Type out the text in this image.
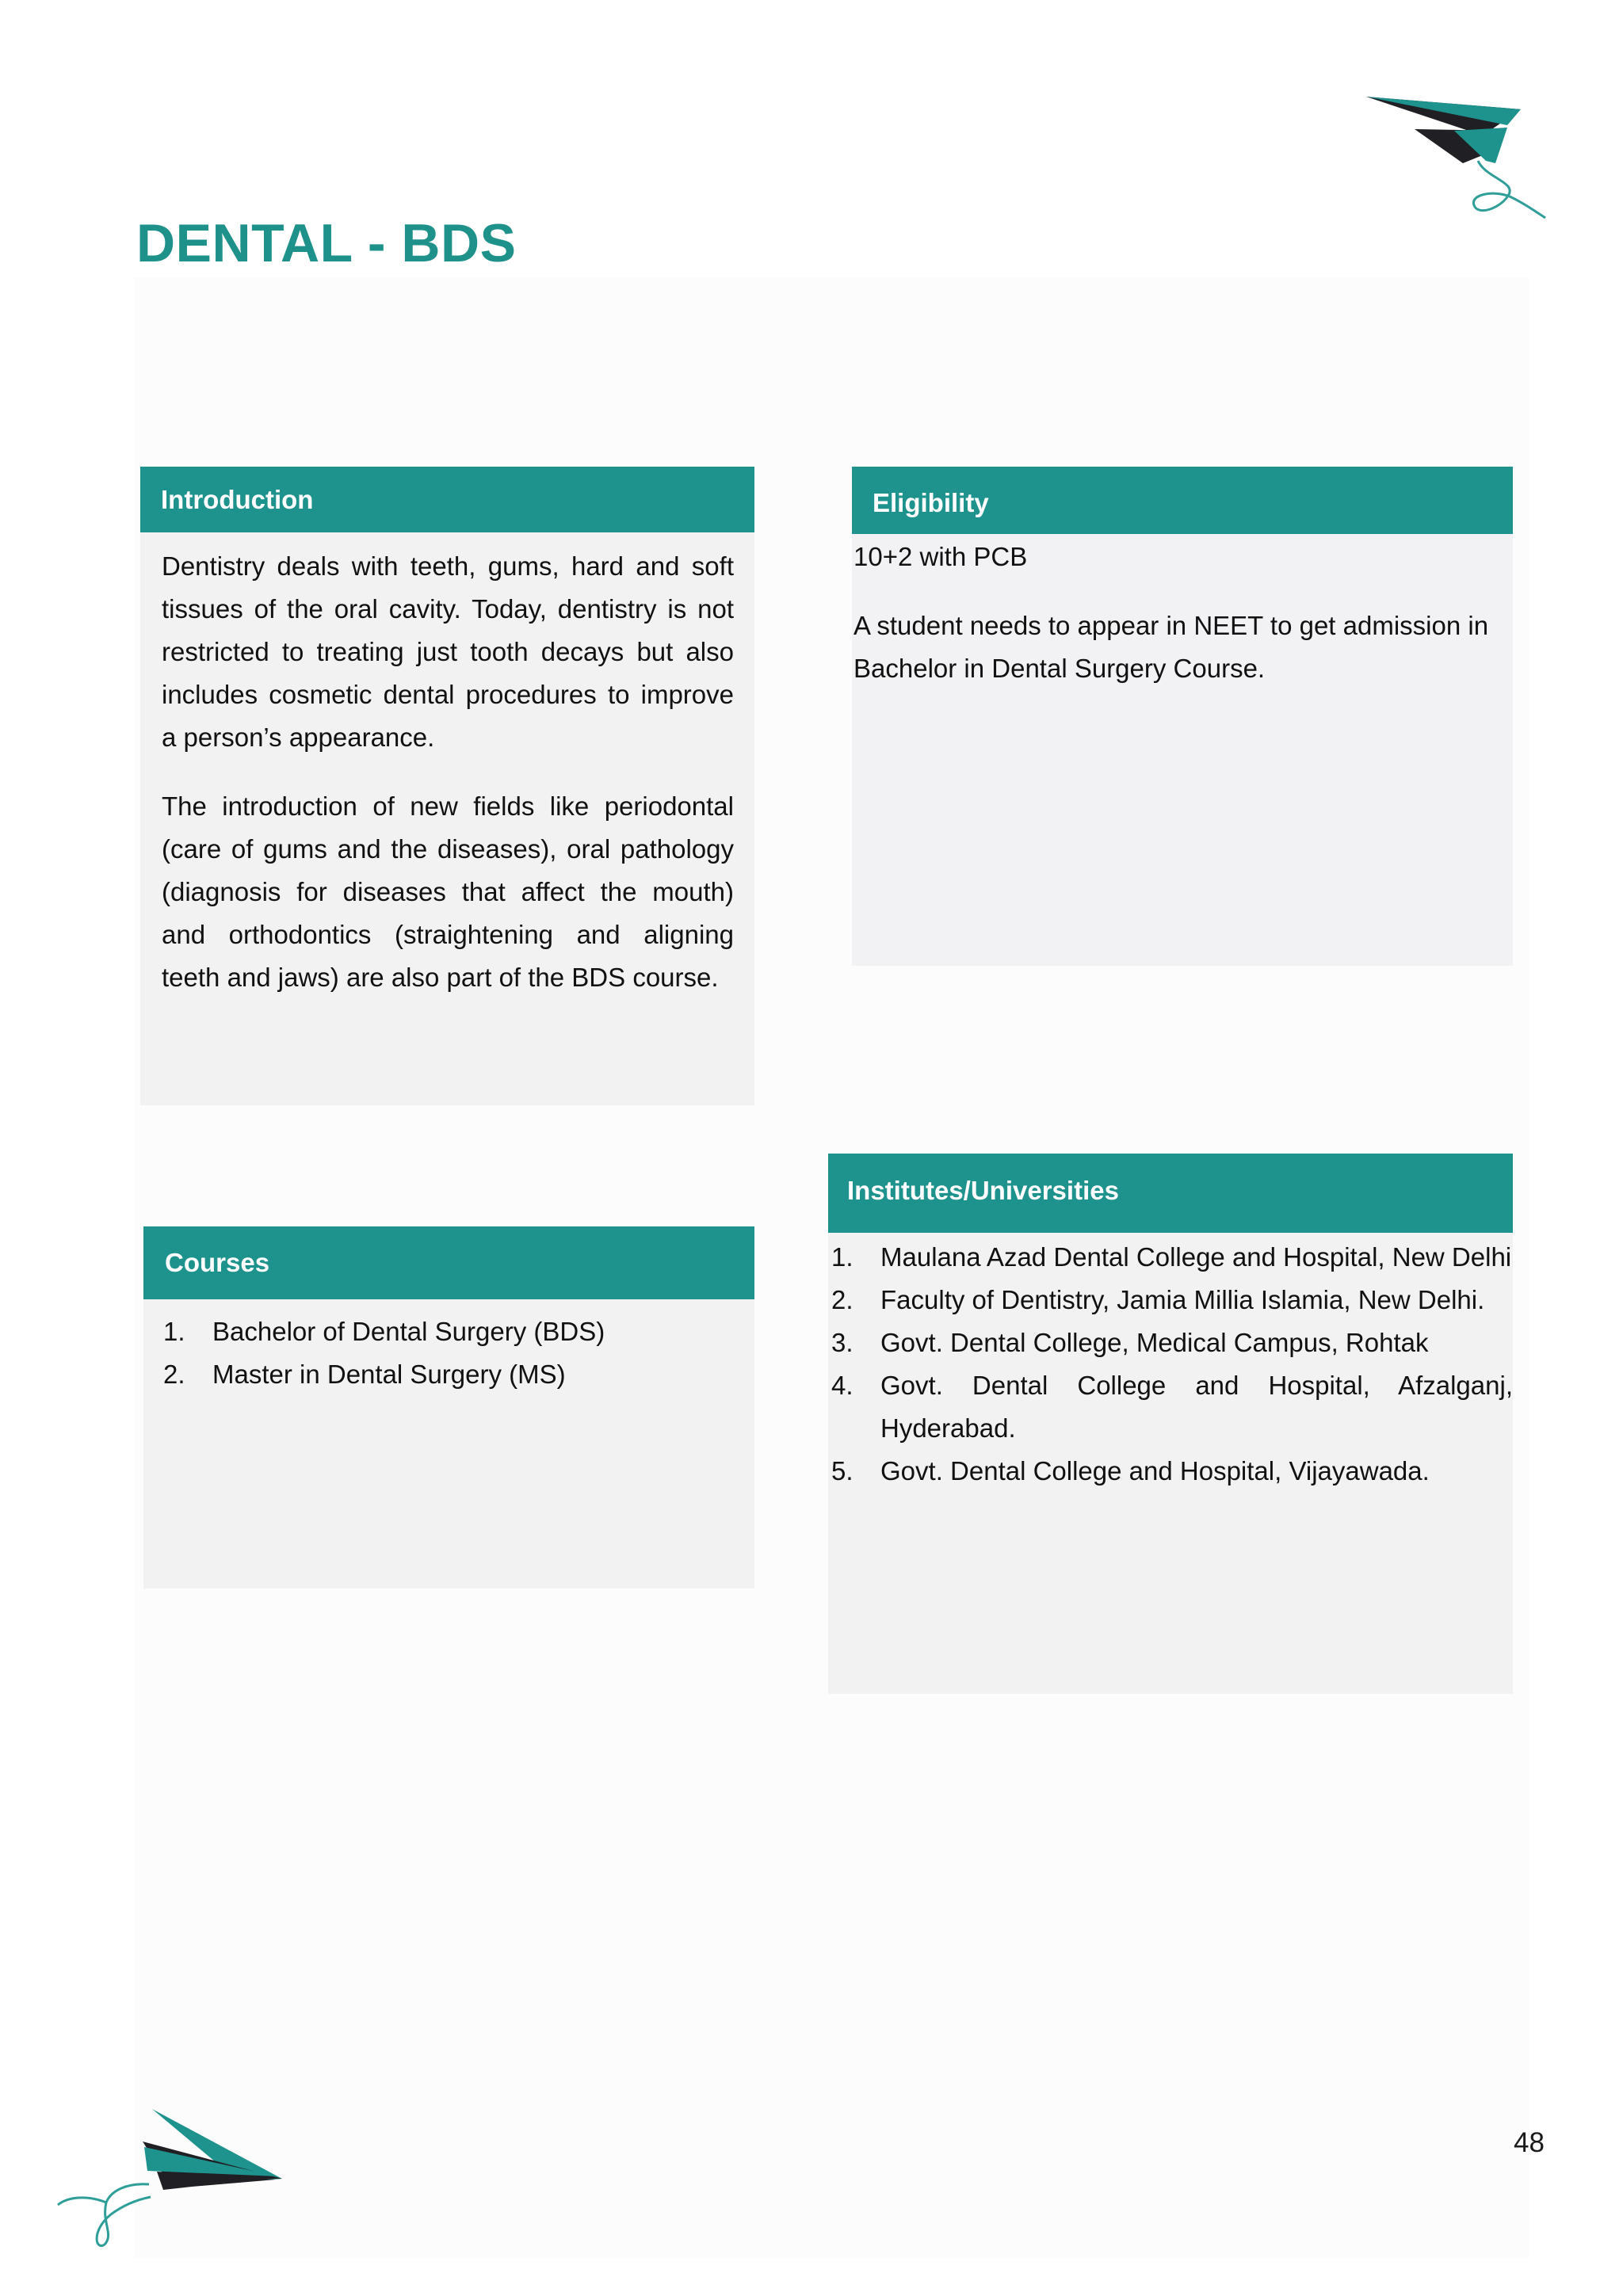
DENTAL - BDS
Introduction

Dentistry deals with teeth, gums, hard and soft tissues of the oral cavity. Today, dentistry is not restricted to treating just tooth decays but also includes cosmetic dental procedures to improve a person’s appearance.

The introduction of new fields like periodontal (care of gums and the diseases), oral pathology (diagnosis for diseases that affect the mouth) and orthodontics (straightening and aligning teeth and jaws) are also part of the BDS course.

Eligibility

10+2 with PCB

A student needs to appear in NEET to get admission in Bachelor in Dental Surgery Course.

Courses
1. Bachelor of Dental Surgery (BDS)
2. Master in Dental Surgery (MS)
Institutes/Universities
1. Maulana Azad Dental College and Hospital, New Delhi
2. Faculty of Dentistry, Jamia Millia Islamia, New Delhi.
3. Govt. Dental College, Medical Campus, Rohtak
4. Govt. Dental College and Hospital, Afzalganj, Hyderabad.
5. Govt. Dental College and Hospital, Vijayawada.
48
